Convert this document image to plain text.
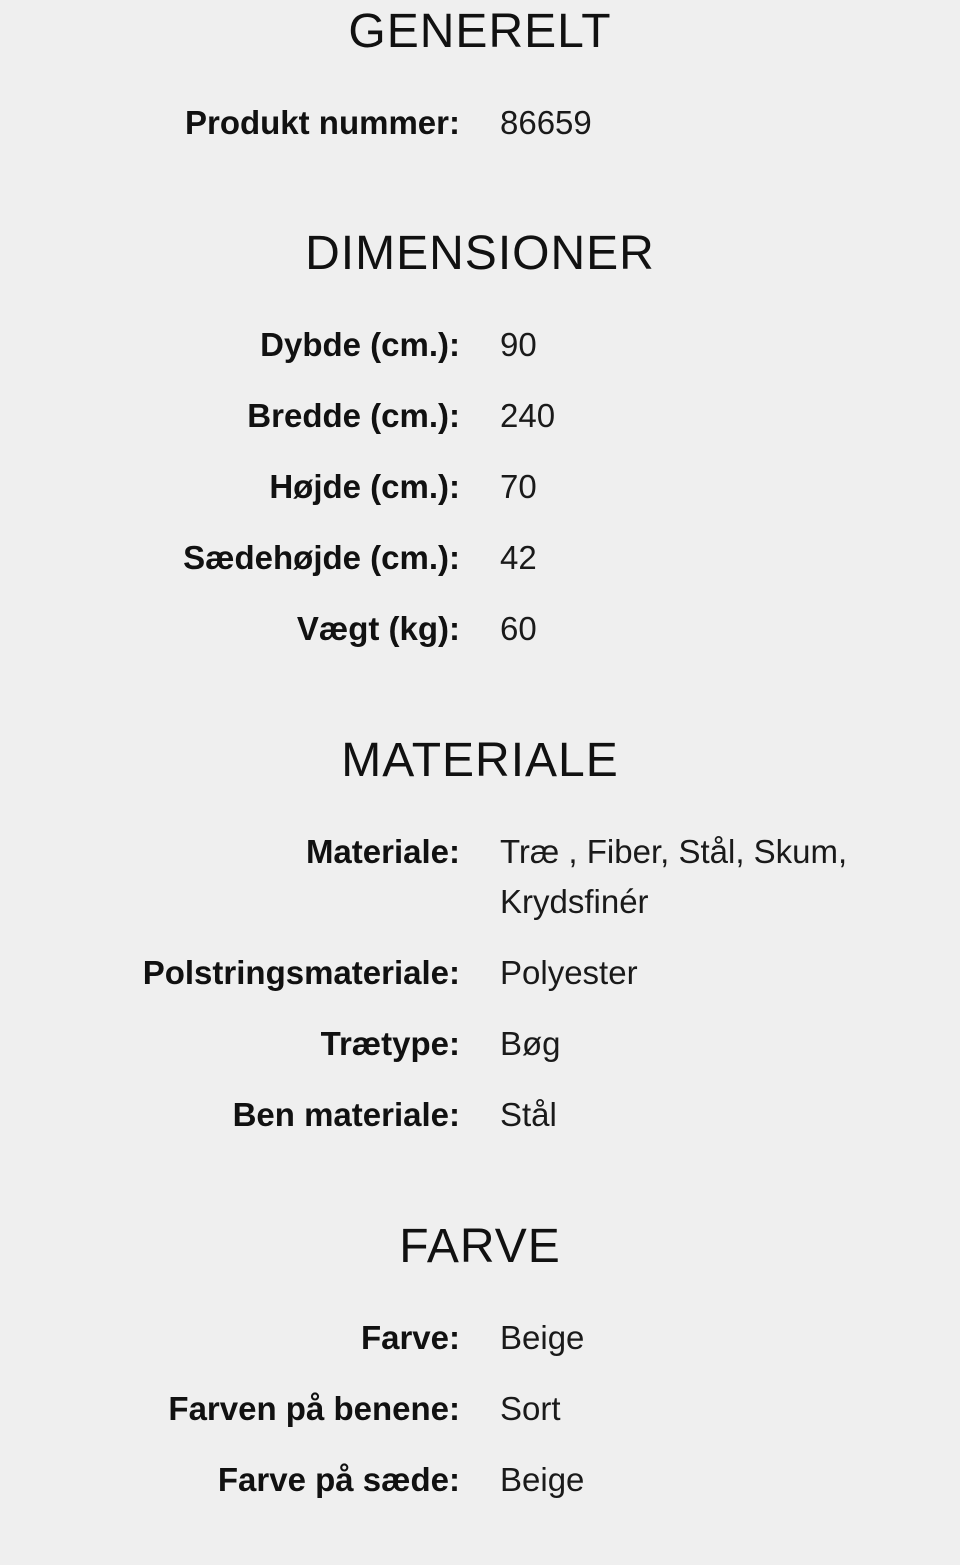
GENERELT
Produkt nummer: 86659
DIMENSIONER
Dybde (cm.): 90
Bredde (cm.): 240
Højde (cm.): 70
Sædehøjde (cm.): 42
Vægt (kg): 60
MATERIALE
Materiale: Træ , Fiber, Stål, Skum, Krydsfinér
Polstringsmateriale: Polyester
Trætype: Bøg
Ben materiale: Stål
FARVE
Farve: Beige
Farven på benene: Sort
Farve på sæde: Beige
